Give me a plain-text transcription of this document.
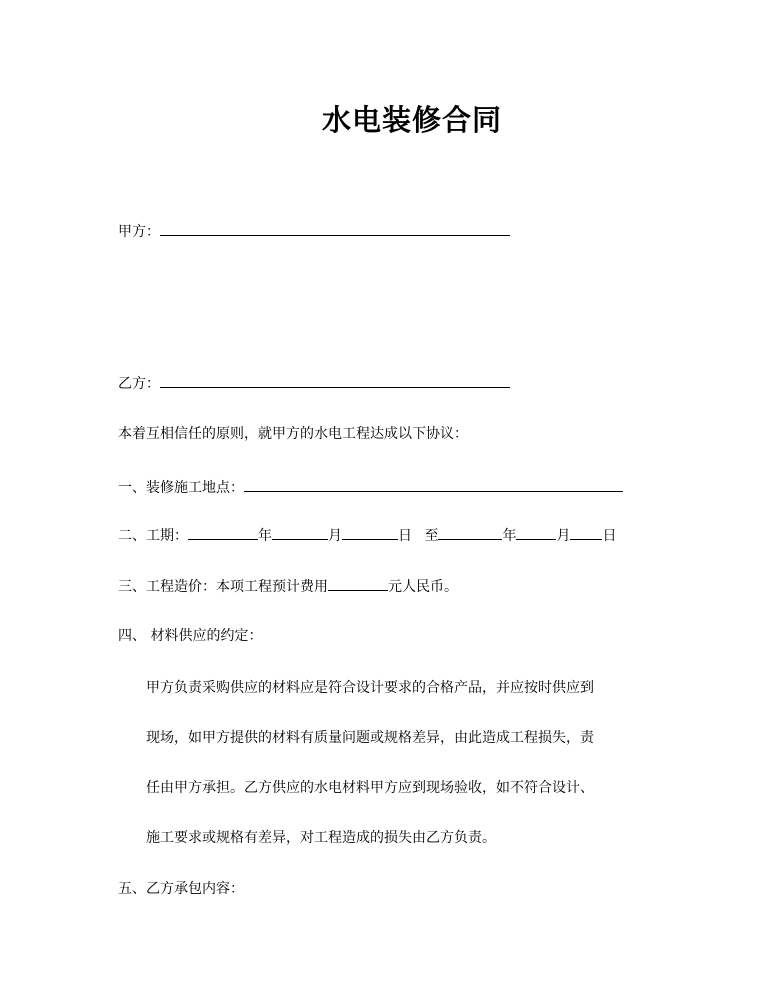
水电装修合同
甲方：
乙方：
本着互相信任的原则，就甲方的水电工程达成以下协议：
一、装修施工地点：
二、工期：	年	月	日 至	年	月 日
三、工程造价：本项工程预计费用	元人民币。
四、 材料供应的约定：
甲方负责采购供应的材料应是符合设计要求的合格产品，并应按时供应到
现场，如甲方提供的材料有质量问题或规格差异，由此造成工程损失，责
任由甲方承担。乙方供应的水电材料甲方应到现场验收，如不符合设计、
施工要求或规格有差异，对工程造成的损失由乙方负责。
五、乙方承包内容：
